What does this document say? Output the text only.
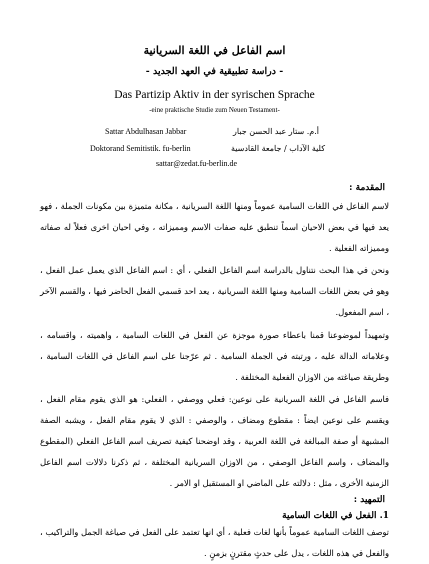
اسم الفاعل في اللغة السريانية
- دراسة تطبيقية في العهد الجديد -
Das Partizip Aktiv in der syrischen Sprache
-eine praktische Studie zum Neuen Testament-
Sattar Abdulhasan Jabbar	أ.م. ستار عبد الحسن جبار
Doktorand Semitistik. fu-berlin	كلية الآداب / جامعة القادسية
sattar@zedat.fu-berlin.de
المقدمة :

لاسم الفاعل في اللغات السامية عموماً ومنها اللغة السريانية ، مكانة متميزة بين مكونات الجملة ، فهو يعد فيها في بعض الاحيان اسماً تنطبق عليه صفات الاسم ومميزاته ، وفي احيان اخرى فعلاً له صفاته ومميزاته الفعلية .

ونحن في هذا البحث نتناول بالدراسة اسم الفاعل الفعلي ، أي : اسم الفاعل الذي يعمل عمل الفعل ، وهو في بعض اللغات السامية ومنها اللغة السريانية ، يعد احد قسمي الفعل الحاضر فيها ، والقسم الآخر ، اسم المفعول.

وتمهيداً لموضوعنا قمنا باعطاء صورة موجزة عن الفعل في اللغات السامية ، واهميته ، واقسامه ، وعلاماته الدالة عليه ، ورتبته في الجملة السامية . ثم عرّجنا على اسم الفاعل في اللغات السامية ، وطريقة صياغته من الاوزان الفعلية المختلفة .

فاسم الفاعل في اللغة السريانية على نوعين: فعلي ووصفي ، الفعلي: هو الذي يقوم مقام الفعل ، ويقسم على نوعين ايضاً : مقطوع ومضاف ، والوصفي : الذي لا يقوم مقام الفعل ، ويشبه الصفة المشبهة أو صفة المبالغة في اللغة العربية ، وقد اوضحنا كيفية تصريف اسم الفاعل الفعلي (المقطوع والمضاف ، واسم الفاعل الوصفي ، من الاوزان السريانية المختلفة ، ثم ذكرنا دلالات اسم الفاعل الزمنية الأخرى ، مثل : دلالته على الماضي او المستقبل او الامر .

التمهيد :
1. الفعل في اللغات السامية

توصف اللغات السامية عموماً بأنها لغات فعلية ، أي انها تعتمد على الفعل في صياغة الجمل والتراكيب ، والفعل في هذه اللغات ، يدل على حدثٍ مقترنٍ بزمنٍ .
